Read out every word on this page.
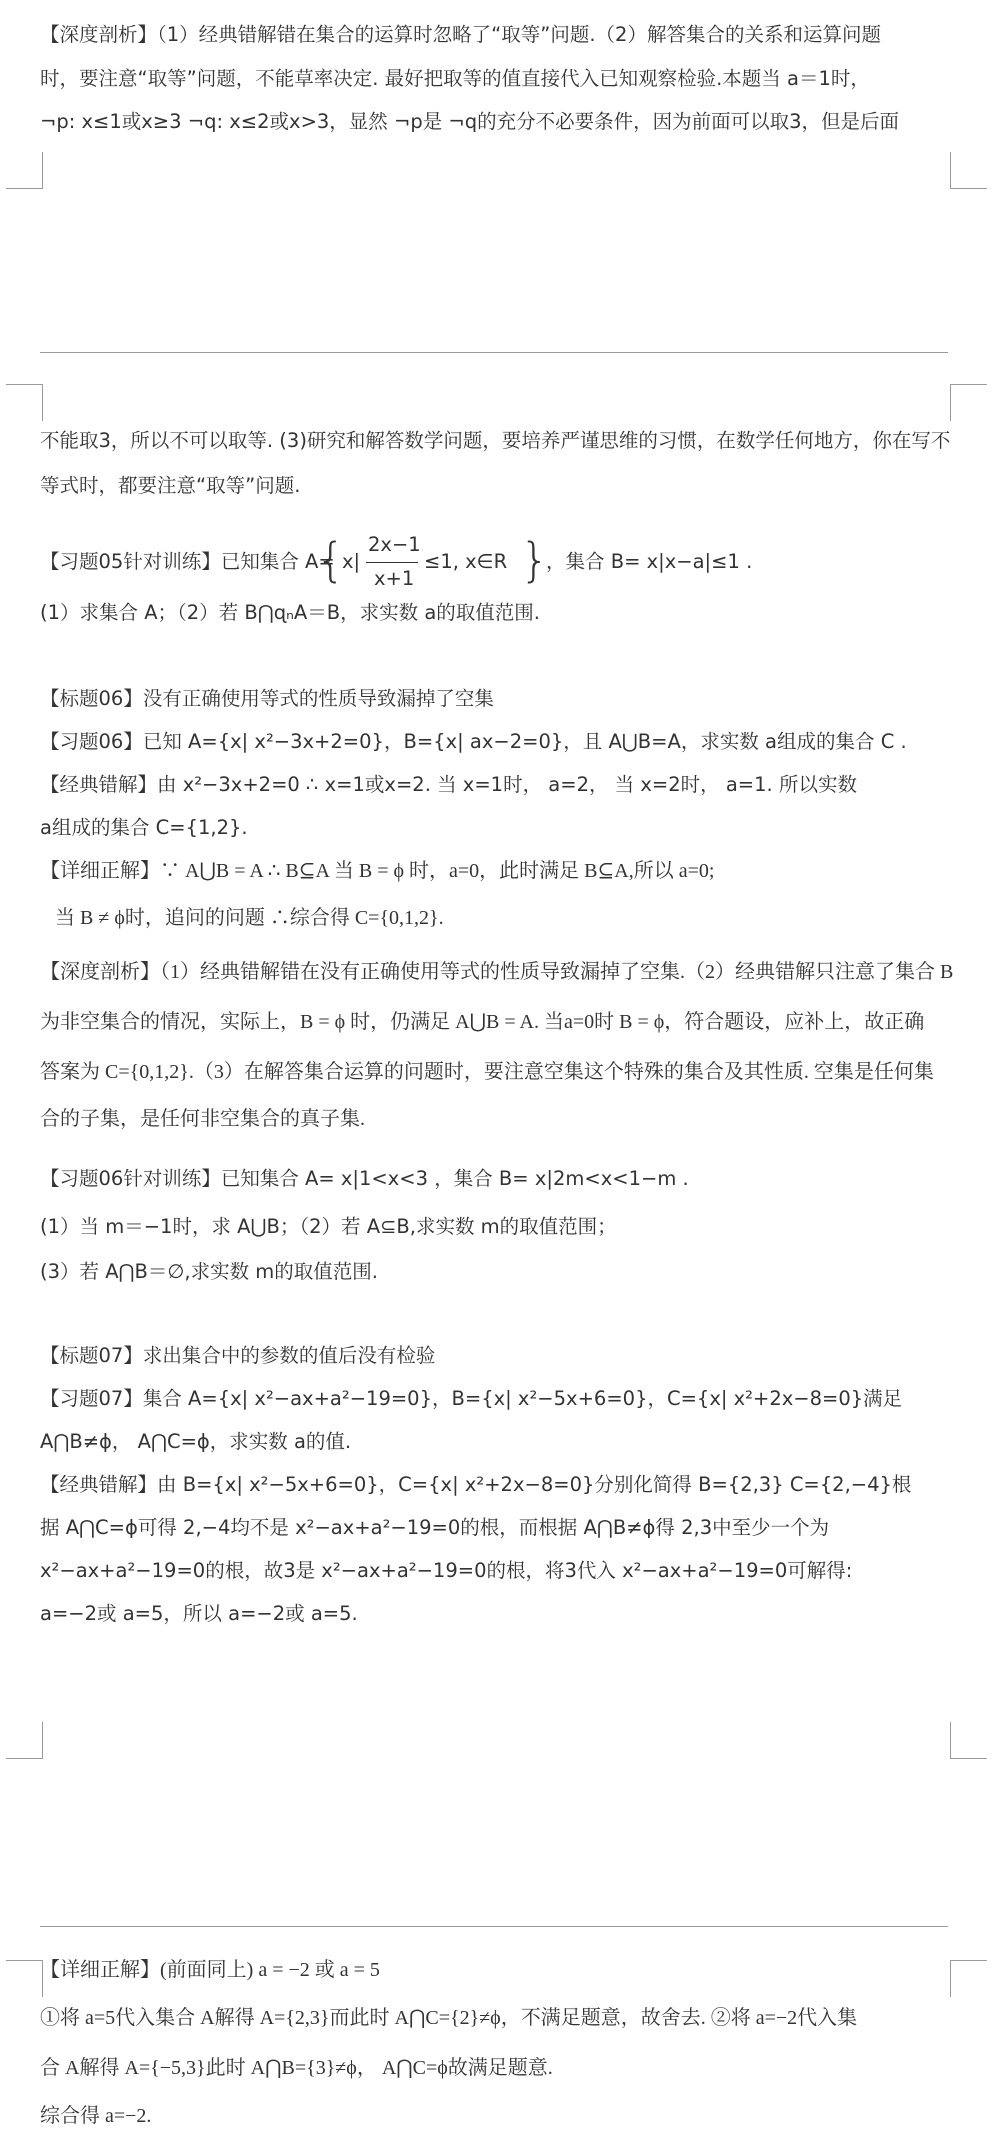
【深度剖析】（1）经典错解错在集合的运算时忽略了“取等”问题.（2）解答集合的关系和运算问题
时，要注意“取等”问题，不能草率决定. 最好把取等的值直接代入已知观察检验.本题当 a＝1时，
¬p: x≤1或x≥3 ¬q: x≤2或x>3，显然 ¬p是 ¬q的充分不必要条件，因为前面可以取3，但是后面
不能取3，所以不可以取等. (3)研究和解答数学问题，要培养严谨思维的习惯，在数学任何地方，你在写不
等式时，都要注意“取等”问题.
【习题05针对训练】已知集合 A=
{
x|
2x−1
x+1
≤1, x∈R }
，集合 B= x|x−a|≤1 .
(1）求集合 A；（2）若 B⋂ɋₙA＝B，求实数 a的取值范围.
【标题06】没有正确使用等式的性质导致漏掉了空集
【习题06】已知 A={x| x²−3x+2=0}，B={x| ax−2=0}，且 A⋃B=A，求实数 a组成的集合 C .
【经典错解】由 x²−3x+2=0 ∴ x=1或x=2. 当 x=1时， a=2， 当 x=2时， a=1. 所以实数
a组成的集合 C={1,2}.
【详细正解】∵ A⋃B = A ∴ B⊆A 当 B = ϕ 时，a=0，此时满足 B⊆A,所以 a=0;
当 B ≠ ϕ时，追问的问题 ∴综合得 C={0,1,2}.
【深度剖析】（1）经典错解错在没有正确使用等式的性质导致漏掉了空集.（2）经典错解只注意了集合 B
为非空集合的情况，实际上，B = ϕ 时，仍满足 A⋃B = A. 当a=0时 B = ϕ，符合题设，应补上，故正确
答案为 C={0,1,2}.（3）在解答集合运算的问题时，要注意空集这个特殊的集合及其性质. 空集是任何集
合的子集，是任何非空集合的真子集.
【习题06针对训练】已知集合 A= x|1<x<3 ，集合 B= x|2m<x<1−m .
(1）当 m＝−1时，求 A⋃B；（2）若 A⊆B,求实数 m的取值范围；
(3）若 A⋂B＝∅,求实数 m的取值范围.
【标题07】求出集合中的参数的值后没有检验
【习题07】集合 A={x| x²−ax+a²−19=0}，B={x| x²−5x+6=0}，C={x| x²+2x−8=0}满足
A⋂B≠ϕ， A⋂C=ϕ，求实数 a的值.
【经典错解】由 B={x| x²−5x+6=0}，C={x| x²+2x−8=0}分别化简得 B={2,3} C={2,−4}根
据 A⋂C=ϕ可得 2,−4均不是 x²−ax+a²−19=0的根，而根据 A⋂B≠ϕ得 2,3中至少一个为
x²−ax+a²−19=0的根，故3是 x²−ax+a²−19=0的根，将3代入 x²−ax+a²−19=0可解得:
a=−2或 a=5，所以 a=−2或 a=5.
【详细正解】(前面同上) a = −2 或 a = 5
①将 a=5代入集合 A解得 A={2,3}而此时 A⋂C={2}≠ϕ，不满足题意，故舍去. ②将 a=−2代入集
合 A解得 A={−5,3}此时 A⋂B={3}≠ϕ， A⋂C=ϕ故满足题意.
综合得 a=−2.
